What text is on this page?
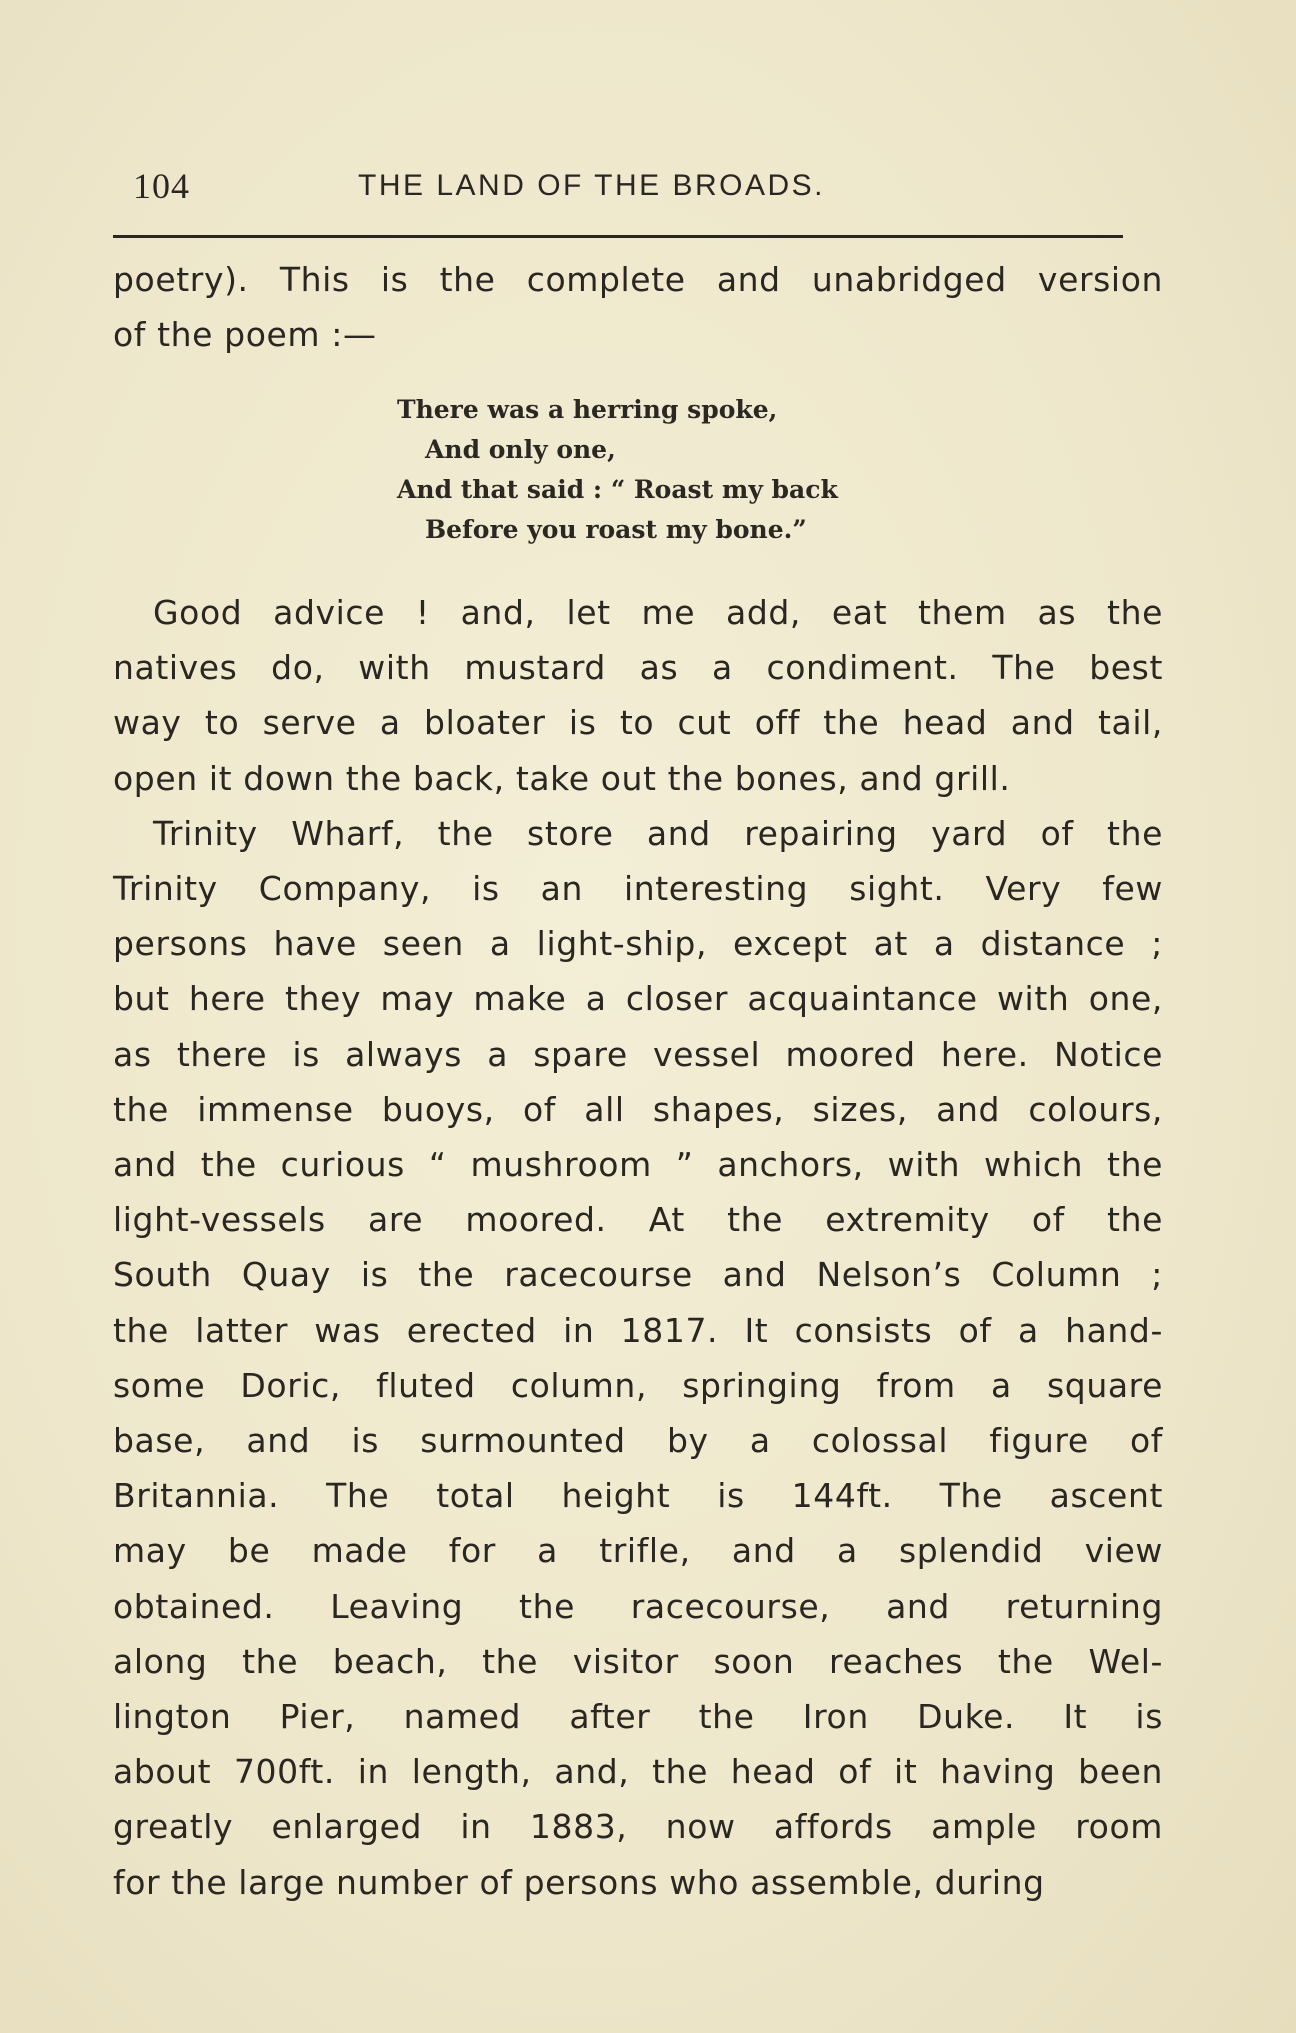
104	THE LAND OF THE BROADS.
poetry). This is the complete and unabridged version
of the poem :—
There was a herring spoke,
And only one,
And that said : “ Roast my back
Before you roast my bone.”
Good advice ! and, let me add, eat them as the
natives do, with mustard as a condiment. The best
way to serve a bloater is to cut off the head and tail,
open it down the back, take out the bones, and grill.
Trinity Wharf, the store and repairing yard of the
Trinity Company, is an interesting sight. Very few
persons have seen a light-ship, except at a distance ;
but here they may make a closer acquaintance with one,
as there is always a spare vessel moored here. Notice
the immense buoys, of all shapes, sizes, and colours,
and the curious “ mushroom ” anchors, with which the
light-vessels are moored. At the extremity of the
South Quay is the racecourse and Nelson’s Column ;
the latter was erected in 1817. It consists of a hand-
some Doric, fluted column, springing from a square
base, and is surmounted by a colossal figure of
Britannia. The total height is 144ft. The ascent
may be made for a trifle, and a splendid view
obtained. Leaving the racecourse, and returning
along the beach, the visitor soon reaches the Wel-
lington Pier, named after the Iron Duke. It is
about 700ft. in length, and, the head of it having been
greatly enlarged in 1883, now affords ample room
for the large number of persons who assemble, during
